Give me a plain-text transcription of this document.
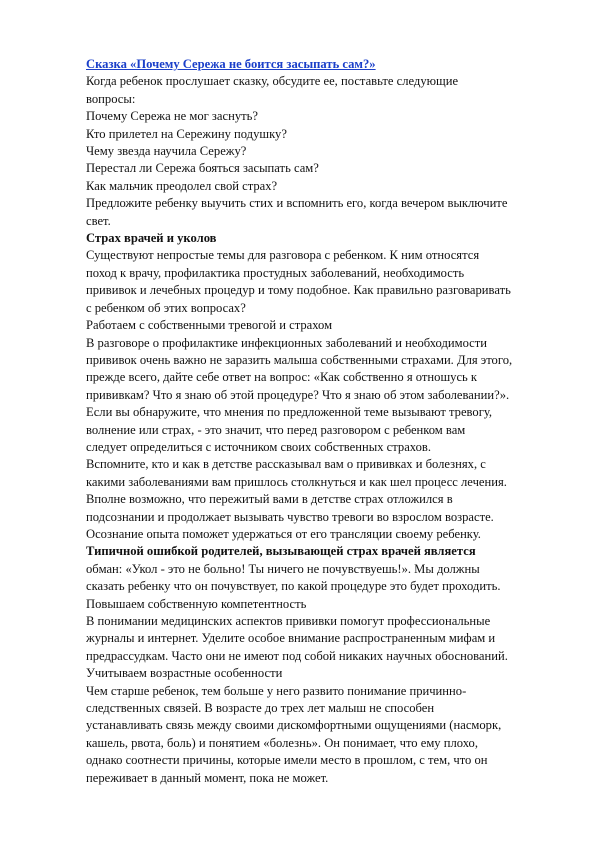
Сказка «Почему Сережа не боится засыпать сам?»
Когда ребенок прослушает сказку, обсудите ее, поставьте следующие
вопросы:
Почему Сережа не мог заснуть?
Кто прилетел на Сережину подушку?
Чему звезда научила Сережу?
Перестал ли Сережа бояться засыпать сам?
Как мальчик преодолел свой страх?
Предложите ребенку выучить стих и вспомнить его, когда вечером выключите
свет.
Страх врачей и уколов
Существуют непростые темы для разговора с ребенком. К ним относятся
поход к врачу, профилактика простудных заболеваний, необходимость
прививок и лечебных процедур и тому подобное. Как правильно разговаривать
с ребенком об этих вопросах?
Работаем с собственными тревогой и страхом
В разговоре о профилактике инфекционных заболеваний и необходимости
прививок очень важно не заразить малыша собственными страхами. Для этого,
прежде всего, дайте себе ответ на вопрос: «Как собственно я отношусь к
прививкам? Что я знаю об этой процедуре? Что я знаю об этом заболевании?».
Если вы обнаружите, что мнения по предложенной теме вызывают тревогу,
волнение или страх, - это значит, что перед разговором с ребенком вам
следует определиться с источником своих собственных страхов.
Вспомните, кто и как в детстве рассказывал вам о прививках и болезнях, с
какими заболеваниями вам пришлось столкнуться и как шел процесс лечения.
Вполне возможно, что пережитый вами в детстве страх отложился в
подсознании и продолжает вызывать чувство тревоги во взрослом возрасте.
Осознание опыта поможет удержаться от его трансляции своему ребенку.
Типичной ошибкой родителей, вызывающей страх врачей является
обман: «Укол - это не больно! Ты ничего не почувствуешь!». Мы должны
сказать ребенку что он почувствует, по какой процедуре это будет проходить.
Повышаем собственную компетентность
В понимании медицинских аспектов прививки помогут профессиональные
журналы и интернет. Уделите особое внимание распространенным мифам и
предрассудкам. Часто они не имеют под собой никаких научных обоснований.
Учитываем возрастные особенности
Чем старше ребенок, тем больше у него развито понимание причинно-
следственных связей. В возрасте до трех лет малыш не способен
устанавливать связь между своими дискомфортными ощущениями (насморк,
кашель, рвота, боль) и понятием «болезнь». Он понимает, что ему плохо,
однако соотнести причины, которые имели место в прошлом, с тем, что он
переживает в данный момент, пока не может.
